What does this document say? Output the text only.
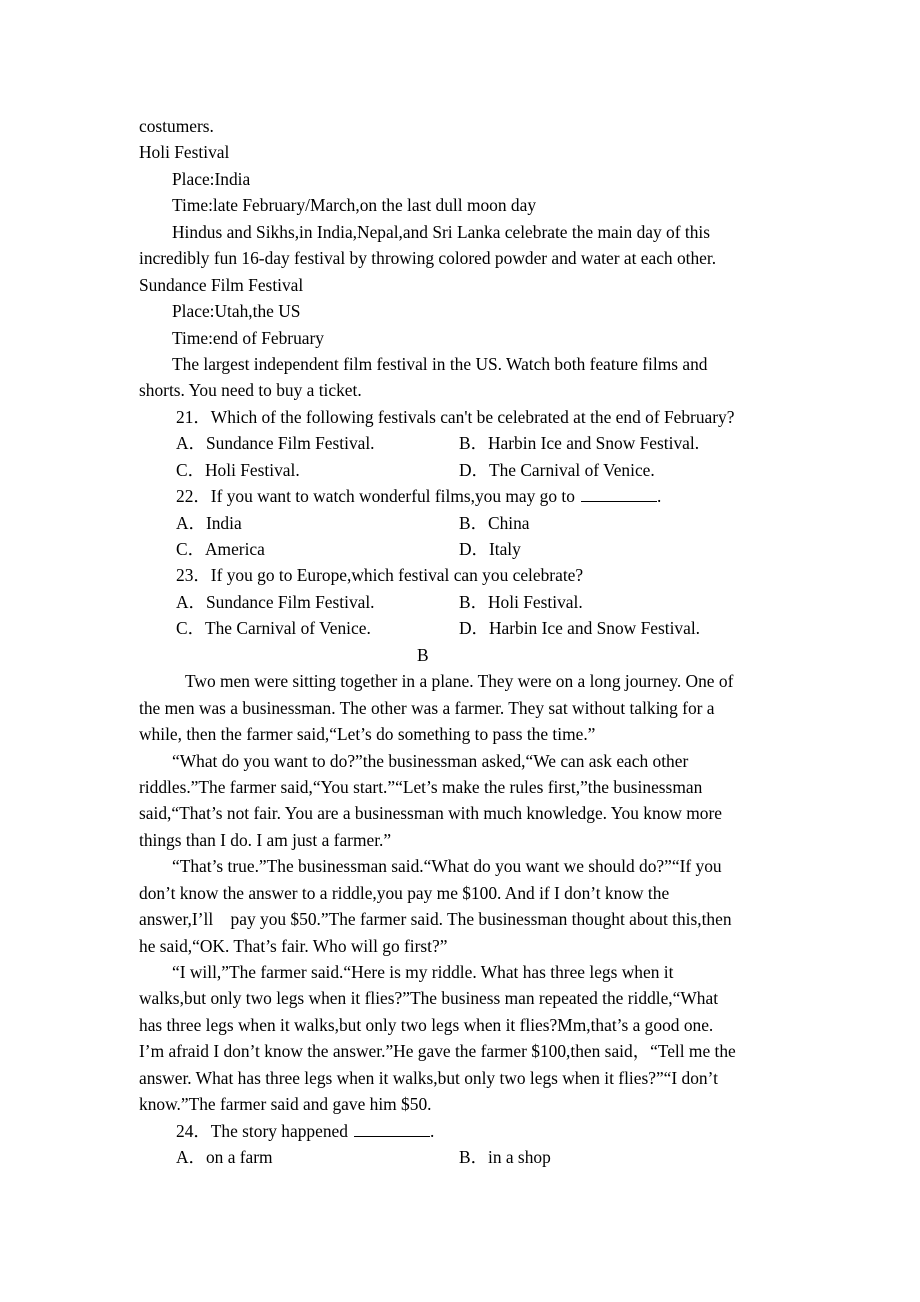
costumers.
Holi Festival
Place:India
Time:late February/March,on the last dull moon day
Hindus and Sikhs,in India,Nepal,and Sri Lanka celebrate the main day of this
incredibly fun 16-day festival by throwing colored powder and water at each other.
Sundance Film Festival
Place:Utah,the US
Time:end of February
The largest independent film festival in the US. Watch both feature films and
shorts. You need to buy a ticket.
21．Which of the following festivals can't be celebrated at the end of February?

A．Sundance Film Festival.

	B．Harbin Ice and Snow Festival.

C．Holi Festival.

	D．The Carnival of Venice.

22．If you want to watch wonderful films,you may go to	.

A．India

	B．China

C．America

	D．Italy

23．If you go to Europe,which festival can you celebrate?

A．Sundance Film Festival.

	B．Holi Festival.

C．The Carnival of Venice.

	D．Harbin Ice and Snow Festival.

B
Two men were sitting together in a plane. They were on a long journey. One of
the men was a businessman. The other was a farmer. They sat without talking for a
while, then the farmer said,“Let’s do something to pass the time.”
“What do you want to do?”the businessman asked,“We can ask each other
riddles.”The farmer said,“You start.”“Let’s make the rules first,”the businessman
said,“That’s not fair. You are a businessman with much knowledge. You know more
things than I do. I am just a farmer.”
“That’s true.”The businessman said.“What do you want we should do?”“If you
don’t know the answer to a riddle,you pay me $100. And if I don’t know the
answer,I’ll    pay you $50.”The farmer said. The businessman thought about this,then
he said,“OK. That’s fair. Who will go first?”
“I will,”The farmer said.“Here is my riddle. What has three legs when it
walks,but only two legs when it flies?”The business man repeated the riddle,“What
has three legs when it walks,but only two legs when it flies?Mm,that’s a good one.
I’m afraid I don’t know the answer.”He gave the farmer $100,then said，“Tell me the
answer. What has three legs when it walks,but only two legs when it flies?”“I don’t
know.”The farmer said and gave him $50.
24．The story happened	.

A．on a farm

	B．in a shop
